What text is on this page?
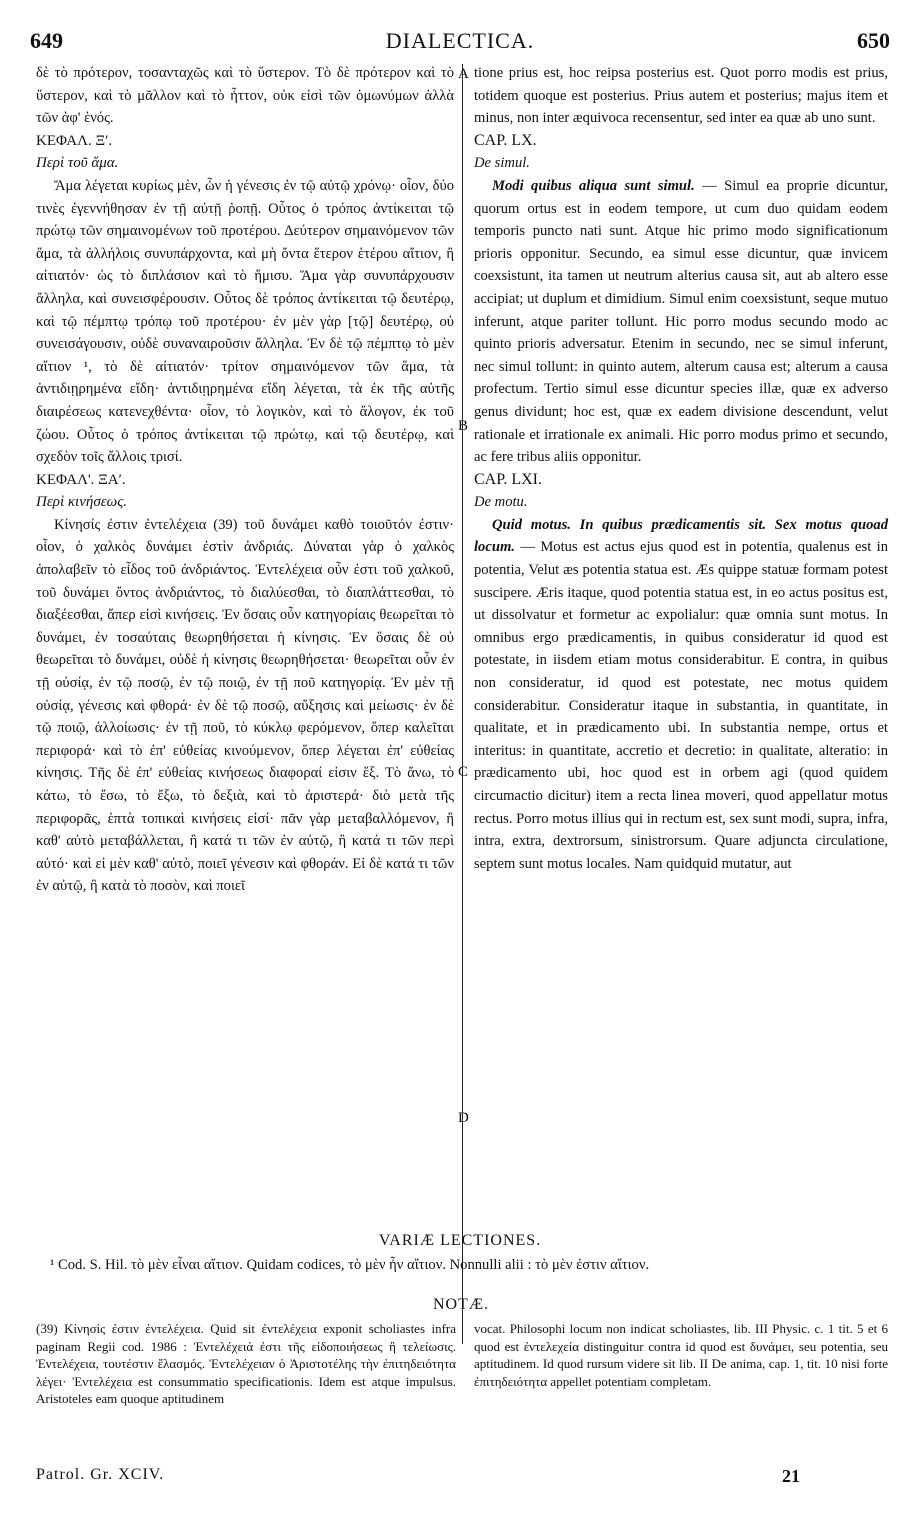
649	DIALECTICA.	650

δὲ τὸ πρότερον, τοσανταχῶς καὶ τὸ ὕστερον. Τὸ δὲ πρότερον καὶ τὸ ὕστερον, καὶ τὸ μᾶλλον καὶ τὸ ἧττον, οὐκ εἰσὶ τῶν ὁμωνύμων ἀλλὰ τῶν ἀφ' ἑνός.

ΚΕΦΑΛ. Ξʹ.

Περὶ τοῦ ἅμα.

Ἅμα λέγεται κυρίως μὲν, ὧν ἡ γένεσις ἐν τῷ αὐτῷ χρόνῳ· οἷον, δύο τινὲς ἐγεννήθησαν ἐν τῇ αὐτῇ ῥοπῇ. Οὗτος ὁ τρόπος ἀντίκειται τῷ πρώτῳ τῶν σημαινομένων τοῦ προτέρου. Δεύτερον σημαινόμενον τῶν ἅμα, τὰ ἀλλήλοις συνυπάρχοντα, καὶ μὴ ὄντα ἕτερον ἑτέρου αἴτιον, ἢ αἰτιατόν· ὡς τὸ διπλάσιον καὶ τὸ ἥμισυ. Ἅμα γὰρ συνυπάρχουσιν ἄλληλα, καὶ συνεισφέρουσιν. Οὗτος δὲ τρόπος ἀντίκειται τῷ δευτέρῳ, καὶ τῷ πέμπτῳ τρόπῳ τοῦ προτέρου· ἐν μὲν γὰρ [τῷ] δευτέρῳ, οὐ συνεισάγουσιν, οὐδὲ συναναιροῦσιν ἄλληλα. Ἐν δὲ τῷ πέμπτῳ τὸ μὲν αἴτιον ¹, τὸ δὲ αἰτιατόν· τρίτον σημαινόμενον τῶν ἅμα, τὰ ἀντιδιῃρημένα εἴδη· ἀντιδιῃρημένα εἴδη λέγεται, τὰ ἐκ τῆς αὐτῆς διαιρέσεως κατενεχθέντα· οἷον, τὸ λογικὸν, καὶ τὸ ἄλογον, ἐκ τοῦ ζώου. Οὗτος ὁ τρόπος ἀντίκειται τῷ πρώτῳ, καὶ τῷ δευτέρῳ, καὶ σχεδὸν τοῖς ἄλλοις τρισί.

ΚΕΦΑΛ'. ΞΑʹ.

Περὶ κινήσεως.

Κίνησίς ἐστιν ἐντελέχεια (39) τοῦ δυνάμει καθὸ τοιοῦτόν ἐστιν· οἷον, ὁ χαλκὸς δυνάμει ἐστὶν ἀνδριάς. Δύναται γὰρ ὁ χαλκὸς ἀπολαβεῖν τὸ εἶδος τοῦ ἀνδριάντος. Ἐντελέχεια οὖν ἐστι τοῦ χαλκοῦ, τοῦ δυνάμει ὄντος ἀνδριάντος, τὸ διαλύεσθαι, τὸ διαπλάττεσθαι, τὸ διαξέεσθαι, ἅπερ εἰσὶ κινήσεις. Ἐν ὅσαις οὖν κατηγορίαις θεωρεῖται τὸ δυνάμει, ἐν τοσαύταις θεωρηθήσεται ἡ κίνησις. Ἐν ὅσαις δὲ οὐ θεωρεῖται τὸ δυνάμει, οὐδὲ ἡ κίνησις θεωρηθήσεται· θεωρεῖται οὖν ἐν τῇ οὐσίᾳ, ἐν τῷ ποσῷ, ἐν τῷ ποιῷ, ἐν τῇ ποῦ κατηγορίᾳ. Ἐν μὲν τῇ οὐσίᾳ, γένεσις καὶ φθορά· ἐν δὲ τῷ ποσῷ, αὔξησις καὶ μείωσις· ἐν δὲ τῷ ποιῷ, ἀλλοίωσις· ἐν τῇ ποῦ, τὸ κύκλῳ φερόμενον, ὅπερ καλεῖται περιφορά· καὶ τὸ ἐπ' εὐθείας κινούμενον, ὅπερ λέγεται ἐπ' εὐθείας κίνησις. Τῆς δὲ ἐπ' εὐθείας κινήσεως διαφοραί εἰσιν ἕξ. Τὸ ἄνω, τὸ κάτω, τὸ ἔσω, τὸ ἔξω, τὸ δεξιὰ, καὶ τὸ ἀριστερά· διὸ μετὰ τῆς περιφορᾶς, ἑπτὰ τοπικαὶ κινήσεις εἰσί· πᾶν γὰρ μεταβαλλόμενον, ἢ καθ' αὐτὸ μεταβάλλεται, ἢ κατά τι τῶν ἐν αὐτῷ, ἢ κατά τι τῶν περὶ αὐτό· καὶ εἰ μὲν καθ' αὐτὸ, ποιεῖ γένεσιν καὶ φθοράν. Εἰ δὲ κατά τι τῶν ἐν αὐτῷ, ἢ κατὰ τὸ ποσὸν, καὶ ποιεῖ

tione prius est, hoc reipsa posterius est. Quot porro modis est prius, totidem quoque est posterius. Prius autem et posterius; majus item et minus, non inter æquivoca recensentur, sed inter ea quæ ab uno sunt.

CAP. LX.

De simul.

Modi quibus aliqua sunt simul. — Simul ea proprie dicuntur, quorum ortus est in eodem tempore, ut cum duo quidam eodem temporis puncto nati sunt. Atque hic primo modo significationum prioris opponitur. Secundo, ea simul esse dicuntur, quæ invicem coexsistunt, ita tamen ut neutrum alterius causa sit, aut ab altero esse accipiat; ut duplum et dimidium. Simul enim coexsistunt, seque mutuo inferunt, atque pariter tollunt. Hic porro modus secundo modo ac quinto prioris adversatur. Etenim in secundo, nec se simul inferunt, nec simul tollunt: in quinto autem, alterum causa est; alterum a causa profectum. Tertio simul esse dicuntur species illæ, quæ ex adverso genus dividunt; hoc est, quæ ex eadem divisione descendunt, velut rationale et irrationale ex animali. Hic porro modus primo et secundo, ac fere tribus aliis opponitur.

CAP. LXI.

De motu.

Quid motus. In quibus prædicamentis sit. Sex motus quoad locum. — Motus est actus ejus quod est in potentia, qualenus est in potentia, Velut æs potentia statua est. Æs quippe statuæ formam potest suscipere. Æris itaque, quod potentia statua est, in eo actus positus est, ut dissolvatur et formetur ac expolialur: quæ omnia sunt motus. In omnibus ergo prædicamentis, in quibus consideratur id quod est potestate, in iisdem etiam motus considerabitur. E contra, in quibus non consideratur, id quod est potestate, nec motus quidem considerabitur. Consideratur itaque in substantia, in quantitate, in qualitate, et in prædicamento ubi. In substantia nempe, ortus et interitus: in quantitate, accretio et decretio: in qualitate, alteratio: in prædicamento ubi, hoc quod est in orbem agi (quod quidem circumactio dicitur) item a recta linea moveri, quod appellatur motus rectus. Porro motus illius qui in rectum est, sex sunt modi, supra, infra, intra, extra, dextrorsum, sinistrorsum. Quare adjuncta circulatione, septem sunt motus locales. Nam quidquid mutatur, aut

A
B
C
D

VARIÆ LECTIONES.

¹ Cod. S. Hil. τὸ μὲν εἶναι αἴτιον. Quidam codices, τὸ μὲν ἦν αἴτιον. Nonnulli alii : τὸ μὲν ἐστιν αἴτιον.

NOTÆ.

(39) Κίνησίς ἐστιν ἐντελέχεια. Quid sit ἐντελέχεια exponit scholiastes infra paginam Regii cod. 1986 : Ἐντελέχειά ἐστι τῆς εἰδοποιήσεως ἢ τελείωσις. Ἐντελέχεια, τουτέστιν ἔλασμός. Ἐντελέχειαν ὁ Ἀριστοτέλης τὴν ἐπιτηδειότητα λέγει· Ἐντελέχεια est consummatio specificationis. Idem est atque impulsus. Aristoteles eam quoque aptitudinem

vocat. Philosophi locum non indicat scholiastes, lib. III Physic. c. 1 tit. 5 et 6 quod est ἐντελεχεία distinguitur contra id quod est δυνάμει, seu potentia, seu aptitudinem. Id quod rursum videre sit lib. II De anima, cap. 1, tit. 10 nisi forte ἐπιτηδειότητα appellet potentiam completam.

Patrol. Gr. XCIV.	21
